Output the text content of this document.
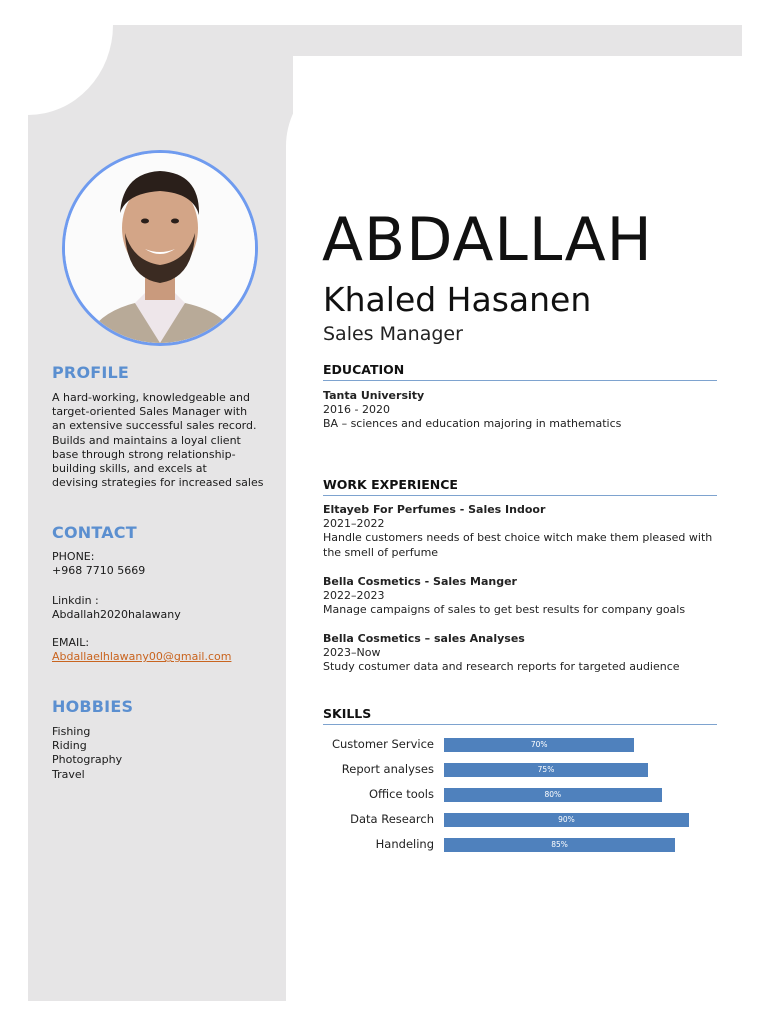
PROFILE
A hard-working, knowledgeable and
target-oriented Sales Manager with
an extensive successful sales record.
Builds and maintains a loyal client
base through strong relationship-
building skills, and excels at
devising strategies for increased sales
CONTACT
PHONE:
+968 7710 5669
Linkdin :
Abdallah2020halawany
EMAIL:
Abdallaelhlawany00@gmail.com
HOBBIES
Fishing
Riding
Photography
Travel
ABDALLAH
Khaled Hasanen
Sales Manager
EDUCATION
Tanta University
2016 - 2020
BA – sciences and education majoring in mathematics
WORK EXPERIENCE
Eltayeb For Perfumes - Sales Indoor
2021–2022
Handle customers needs of best choice witch make them pleased with
the smell of perfume
Bella Cosmetics - Sales Manger
2022–2023
Manage campaigns of sales to get best results for company goals
Bella Cosmetics – sales Analyses
2023–Now
Study costumer data and research reports for targeted audience
SKILLS
Customer Service	70%
Report analyses	75%
Office tools	80%
Data Research	90%
Handeling	85%
